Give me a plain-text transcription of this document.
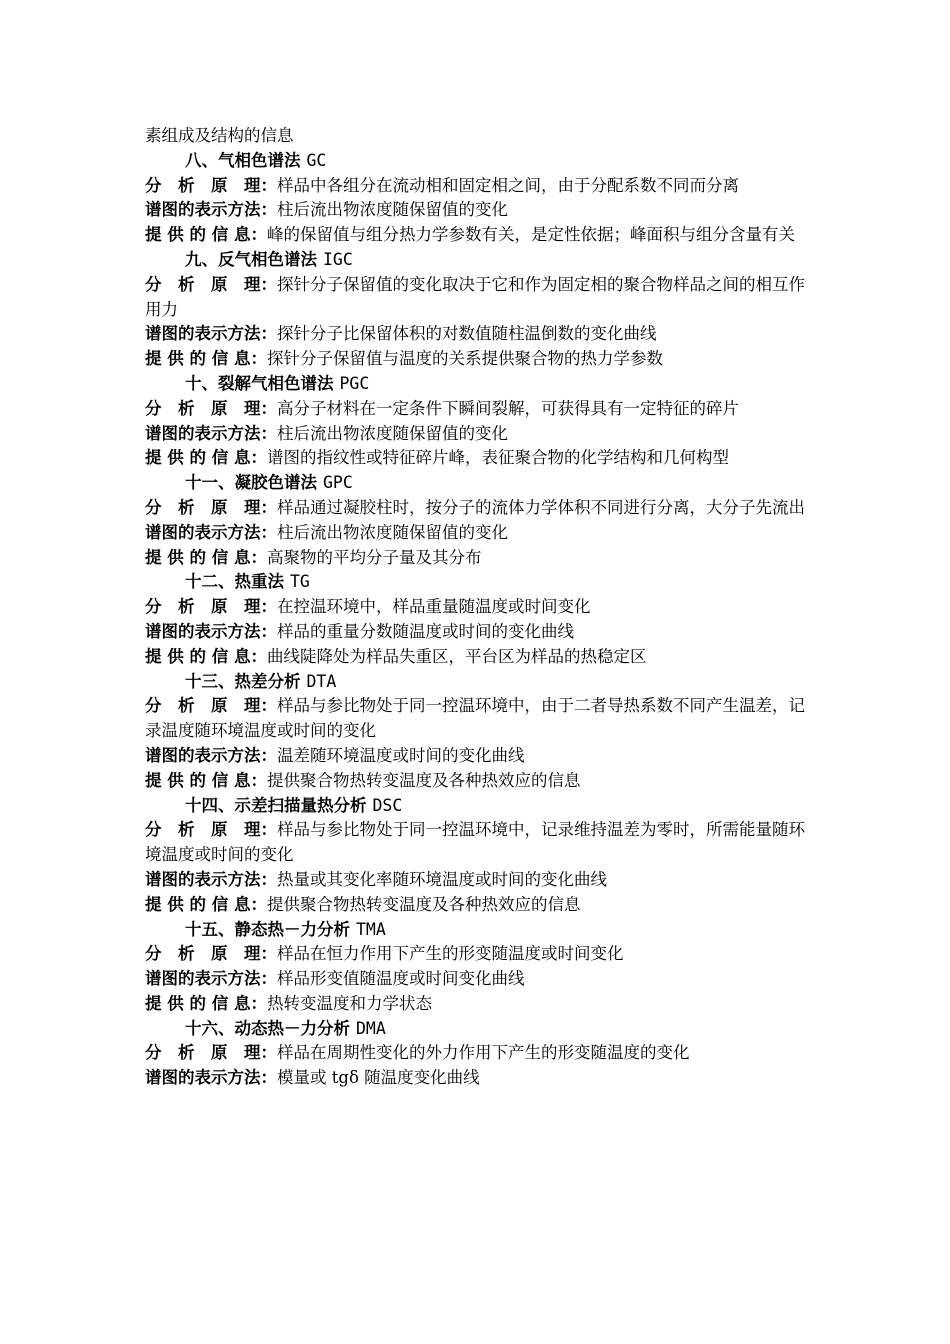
素组成及结构的信息

八、气相色谱法 GC

分　析　原　理：样品中各组分在流动相和固定相之间，由于分配系数不同而分离

谱图的表示方法：柱后流出物浓度随保留值的变化

提 供 的 信 息：峰的保留值与组分热力学参数有关，是定性依据；峰面积与组分含量有关

九、反气相色谱法 IGC

分　析　原　理：探针分子保留值的变化取决于它和作为固定相的聚合物样品之间的相互作用力

谱图的表示方法：探针分子比保留体积的对数值随柱温倒数的变化曲线

提 供 的 信 息：探针分子保留值与温度的关系提供聚合物的热力学参数

十、裂解气相色谱法 PGC

分　析　原　理：高分子材料在一定条件下瞬间裂解，可获得具有一定特征的碎片

谱图的表示方法：柱后流出物浓度随保留值的变化

提 供 的 信 息：谱图的指纹性或特征碎片峰，表征聚合物的化学结构和几何构型

十一、凝胶色谱法 GPC

分　析　原　理：样品通过凝胶柱时，按分子的流体力学体积不同进行分离，大分子先流出

谱图的表示方法：柱后流出物浓度随保留值的变化

提 供 的 信 息：高聚物的平均分子量及其分布

十二、热重法 TG

分　析　原　理：在控温环境中，样品重量随温度或时间变化

谱图的表示方法：样品的重量分数随温度或时间的变化曲线

提 供 的 信 息：曲线陡降处为样品失重区，平台区为样品的热稳定区

十三、热差分析 DTA

分　析　原　理：样品与参比物处于同一控温环境中，由于二者导热系数不同产生温差，记录温度随环境温度或时间的变化

谱图的表示方法：温差随环境温度或时间的变化曲线

提 供 的 信 息：提供聚合物热转变温度及各种热效应的信息

十四、示差扫描量热分析 DSC

分　析　原　理：样品与参比物处于同一控温环境中，记录维持温差为零时，所需能量随环境温度或时间的变化

谱图的表示方法：热量或其变化率随环境温度或时间的变化曲线

提 供 的 信 息：提供聚合物热转变温度及各种热效应的信息

十五、静态热－力分析 TMA

分　析　原　理：样品在恒力作用下产生的形变随温度或时间变化

谱图的表示方法：样品形变值随温度或时间变化曲线

提 供 的 信 息：热转变温度和力学状态

十六、动态热－力分析 DMA

分　析　原　理：样品在周期性变化的外力作用下产生的形变随温度的变化

谱图的表示方法：模量或 tgδ 随温度变化曲线
